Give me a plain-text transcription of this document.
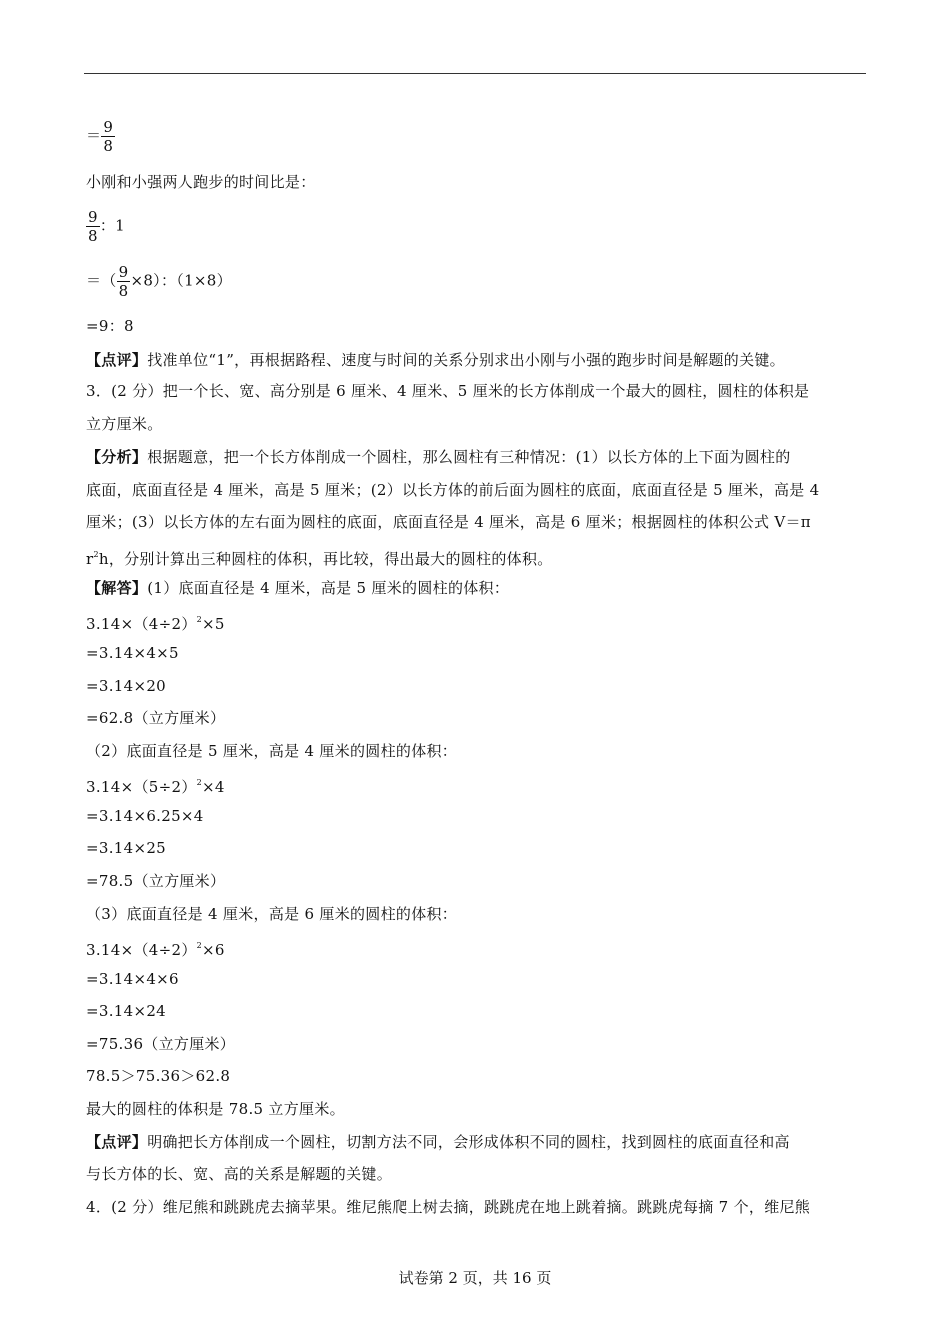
＝ $\frac{9}{8}$
小刚和小强两人跑步的时间比是：
$\frac{9}{8}$ ：1
＝（ $\frac{9}{8} \times 8$）：（1×8）
=9：8
【点评】找准单位“1”，再根据路程、速度与时间的关系分别求出小刚与小强的跑步时间是解题的关键。
3．(2 分）把一个长、宽、高分别是 6 厘米、4 厘米、5 厘米的长方体削成一个最大的圆柱，圆柱的体积是
立方厘米。
【分析】根据题意，把一个长方体削成一个圆柱，那么圆柱有三种情况：(1）以长方体的上下面为圆柱的
底面，底面直径是 4 厘米，高是 5 厘米；(2）以长方体的前后面为圆柱的底面，底面直径是 5 厘米，高是 4
厘米；(3）以长方体的左右面为圆柱的底面，底面直径是 4 厘米，高是 6 厘米；根据圆柱的体积公式 V＝π
$r^2h$，分别计算出三种圆柱的体积，再比较，得出最大的圆柱的体积。
【解答】(1）底面直径是 4 厘米，高是 5 厘米的圆柱的体积：
$3.14\times(4\div 2)^2\times 5$
=3.14×4×5
=3.14×20
=62.8（立方厘米）
（2）底面直径是 5 厘米，高是 4 厘米的圆柱的体积：
$3.14\times(5\div 2)^2\times 4$
=3.14×6.25×4
=3.14×25
=78.5（立方厘米）
（3）底面直径是 4 厘米，高是 6 厘米的圆柱的体积：
$3.14\times(4\div 2)^2\times 6$
=3.14×4×6
=3.14×24
=75.36（立方厘米）
78.5＞75.36＞62.8
最大的圆柱的体积是 78.5 立方厘米。
【点评】明确把长方体削成一个圆柱，切割方法不同，会形成体积不同的圆柱，找到圆柱的底面直径和高
与长方体的长、宽、高的关系是解题的关键。
4．(2 分）维尼熊和跳跳虎去摘苹果。维尼熊爬上树去摘，跳跳虎在地上跳着摘。跳跳虎每摘 7 个，维尼熊
试卷第 2 页，共 16 页
